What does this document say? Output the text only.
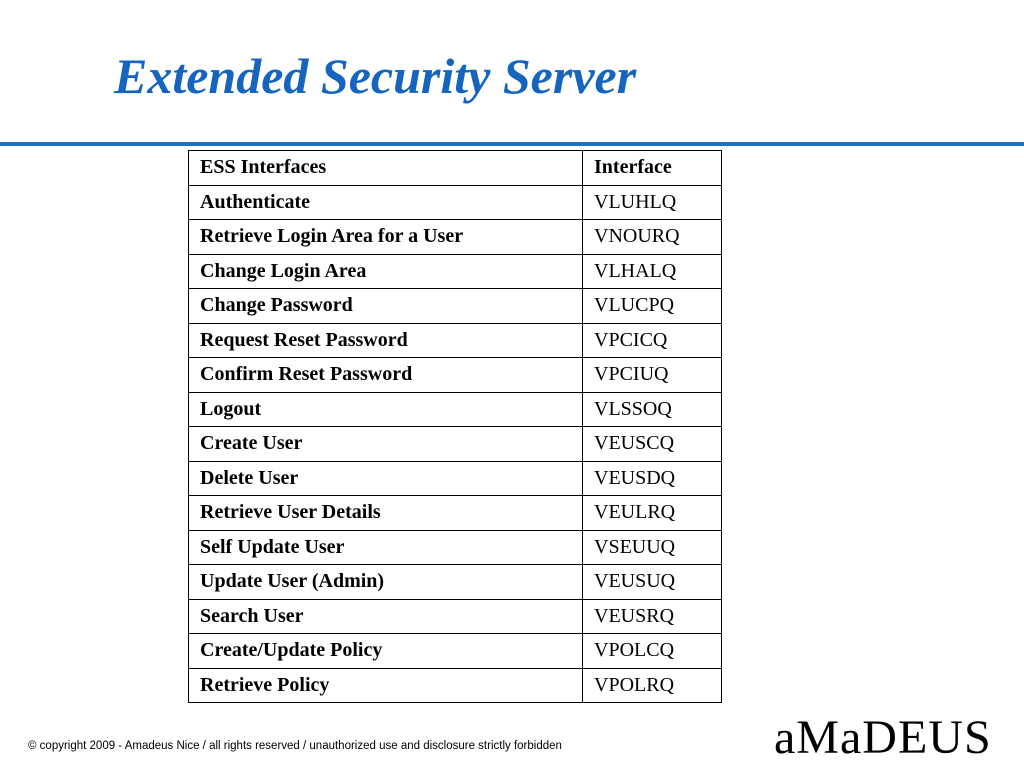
Extended Security Server
ESS Interfaces	Interface
Authenticate	VLUHLQ
Retrieve Login Area for a User	VNOURQ
Change Login Area	VLHALQ
Change Password	VLUCPQ
Request Reset Password	VPCICQ
Confirm Reset Password	VPCIUQ
Logout	VLSSOQ
Create User	VEUSCQ
Delete User	VEUSDQ
Retrieve User Details	VEULRQ
Self Update User	VSEUUQ
Update User (Admin)	VEUSUQ
Search User	VEUSRQ
Create/Update Policy	VPOLCQ
Retrieve Policy	VPOLRQ
© copyright 2009 - Amadeus Nice / all rights reserved / unauthorized use and disclosure strictly forbidden	aMaDEUS
